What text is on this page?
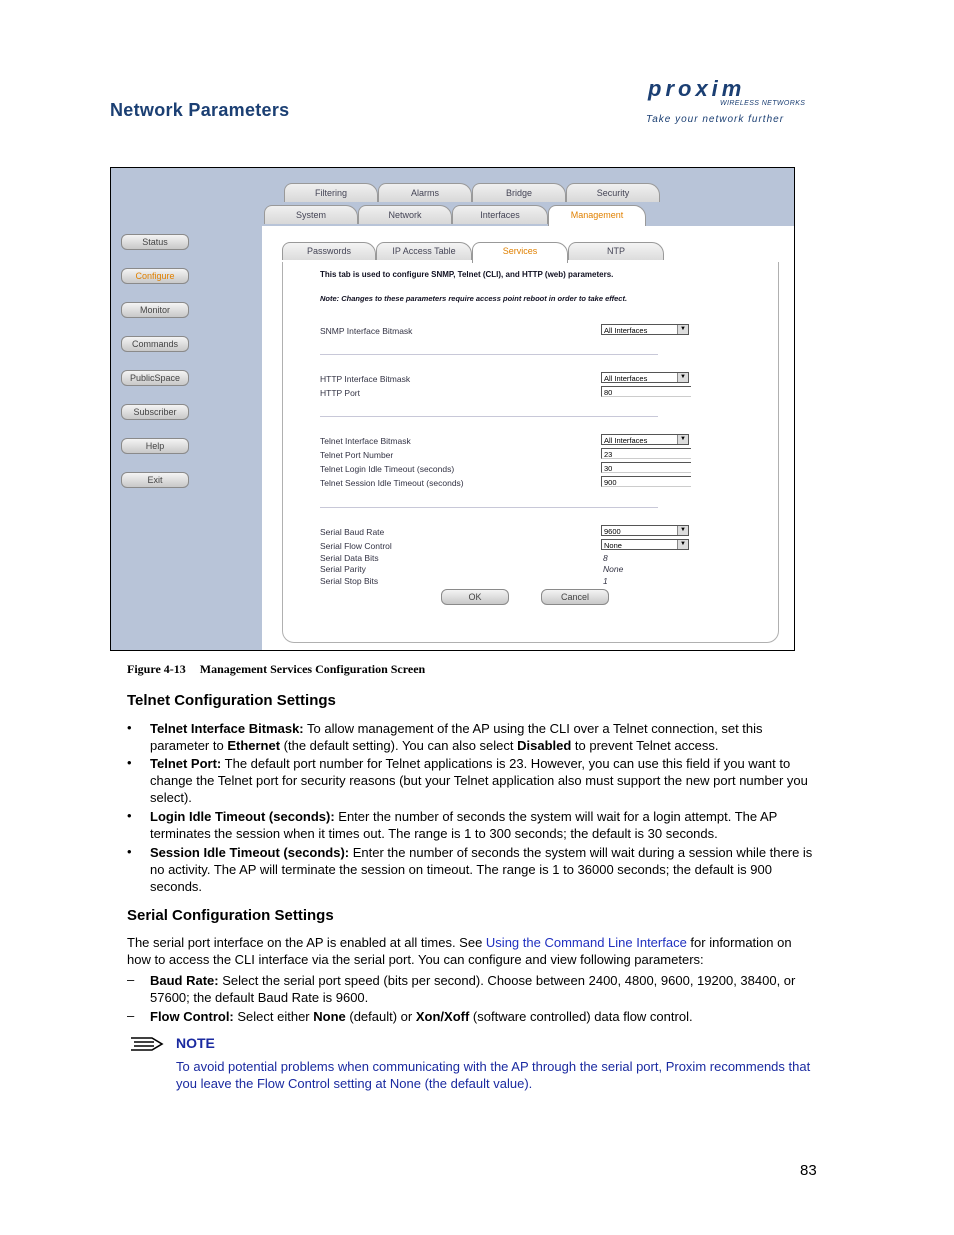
Network Parameters
proxim
WIRELESS NETWORKS
Take your network further
Status
Configure
Monitor
Commands
PublicSpace
Subscriber
Help
Exit
Filtering	Alarms	Bridge	Security
System	Network	Interfaces	Management
Passwords	IP Access Table	Services	NTP
This tab is used to configure SNMP, Telnet (CLI), and HTTP (web) parameters.
Note: Changes to these parameters require access point reboot in order to take effect.
SNMP Interface Bitmask	All Interfaces	▼
HTTP Interface Bitmask	All Interfaces	▼
HTTP Port	80
Telnet Interface Bitmask	All Interfaces	▼
Telnet Port Number	23
Telnet Login Idle Timeout (seconds)	30
Telnet Session Idle Timeout (seconds)	900
Serial Baud Rate	9600	▼
Serial Flow Control	None	▼
Serial Data Bits	8
Serial Parity	None
Serial Stop Bits	1
OK	Cancel
Figure 4-13 Management Services Configuration Screen
Telnet Configuration Settings
• Telnet Interface Bitmask: To allow management of the AP using the CLI over a Telnet connection, set this parameter to Ethernet (the default setting). You can also select Disabled to prevent Telnet access.
• Telnet Port: The default port number for Telnet applications is 23. However, you can use this field if you want to change the Telnet port for security reasons (but your Telnet application also must support the new port number you select).
• Login Idle Timeout (seconds): Enter the number of seconds the system will wait for a login attempt. The AP terminates the session when it times out. The range is 1 to 300 seconds; the default is 30 seconds.
• Session Idle Timeout (seconds): Enter the number of seconds the system will wait during a session while there is no activity. The AP will terminate the session on timeout. The range is 1 to 36000 seconds; the default is 900 seconds.
Serial Configuration Settings
The serial port interface on the AP is enabled at all times. See Using the Command Line Interface for information on how to access the CLI interface via the serial port. You can configure and view following parameters:
– Baud Rate: Select the serial port speed (bits per second). Choose between 2400, 4800, 9600, 19200, 38400, or 57600; the default Baud Rate is 9600.
– Flow Control: Select either None (default) or Xon/Xoff (software controlled) data flow control.
NOTE
To avoid potential problems when communicating with the AP through the serial port, Proxim recommends that you leave the Flow Control setting at None (the default value).
83
